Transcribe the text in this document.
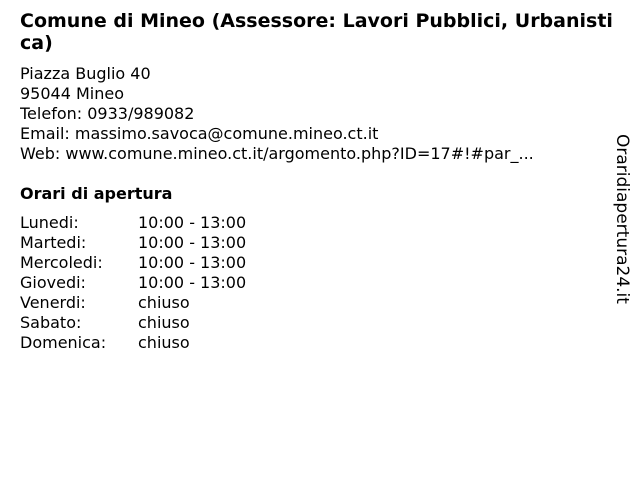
Comune di Mineo (Assessore: Lavori Pubblici, Urbanistica)
Piazza Buglio 40
95044 Mineo
Telefon: 0933/989082
Email: massimo.savoca@comune.mineo.ct.it
Web: www.comune.mineo.ct.it/argomento.php?ID=17#!#par_...
Orari di apertura
Lunedi:	10:00 - 13:00
Martedi:	10:00 - 13:00
Mercoledi:	10:00 - 13:00
Giovedi:	10:00 - 13:00
Venerdi:	chiuso
Sabato:	chiuso
Domenica:	chiuso
Oraridiapertura24.it
